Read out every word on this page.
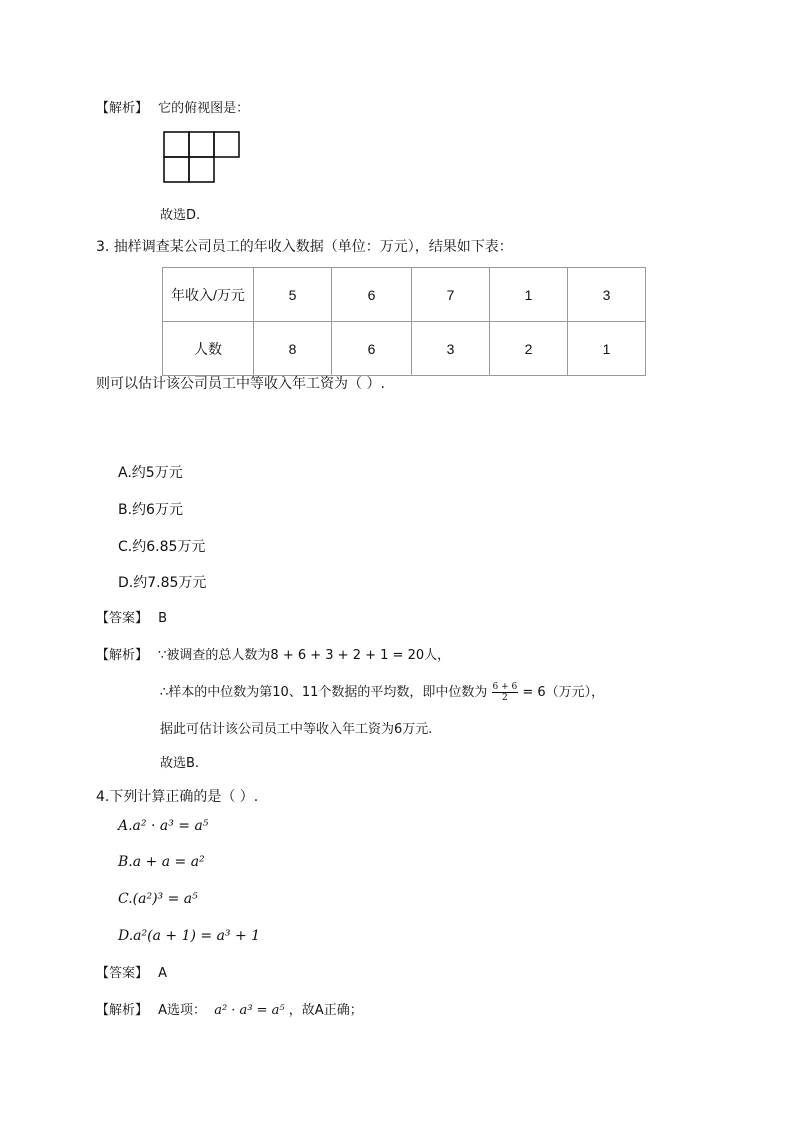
【解析】 它的俯视图是：
故选D.
3. 抽样调查某公司员工的年收入数据（单位：万元），结果如下表：
年收入/万元	5	6	7	1	3
人数	8	6	3	2	1
则可以估计该公司员工中等收入年工资为（ ）.
A.约5万元
B.约6万元
C.约6.85万元
D.约7.85万元
【答案】 B
【解析】 ∵被调查的总人数为8 + 6 + 3 + 2 + 1 = 20人，
∴样本的中位数为第10、11个数据的平均数，即中位数为 $\frac{6 + 6}{2} = 6$（万元），
据此可估计该公司员工中等收入年工资为6万元.
故选B.
4.下列计算正确的是（ ）.
A.a² · a³ = a⁵
B.a + a = a²
C.(a²)³ = a⁵
D.a²(a + 1) = a³ + 1
【答案】 A
【解析】 A选项： a² · a³ = a⁵ ，故A正确；
